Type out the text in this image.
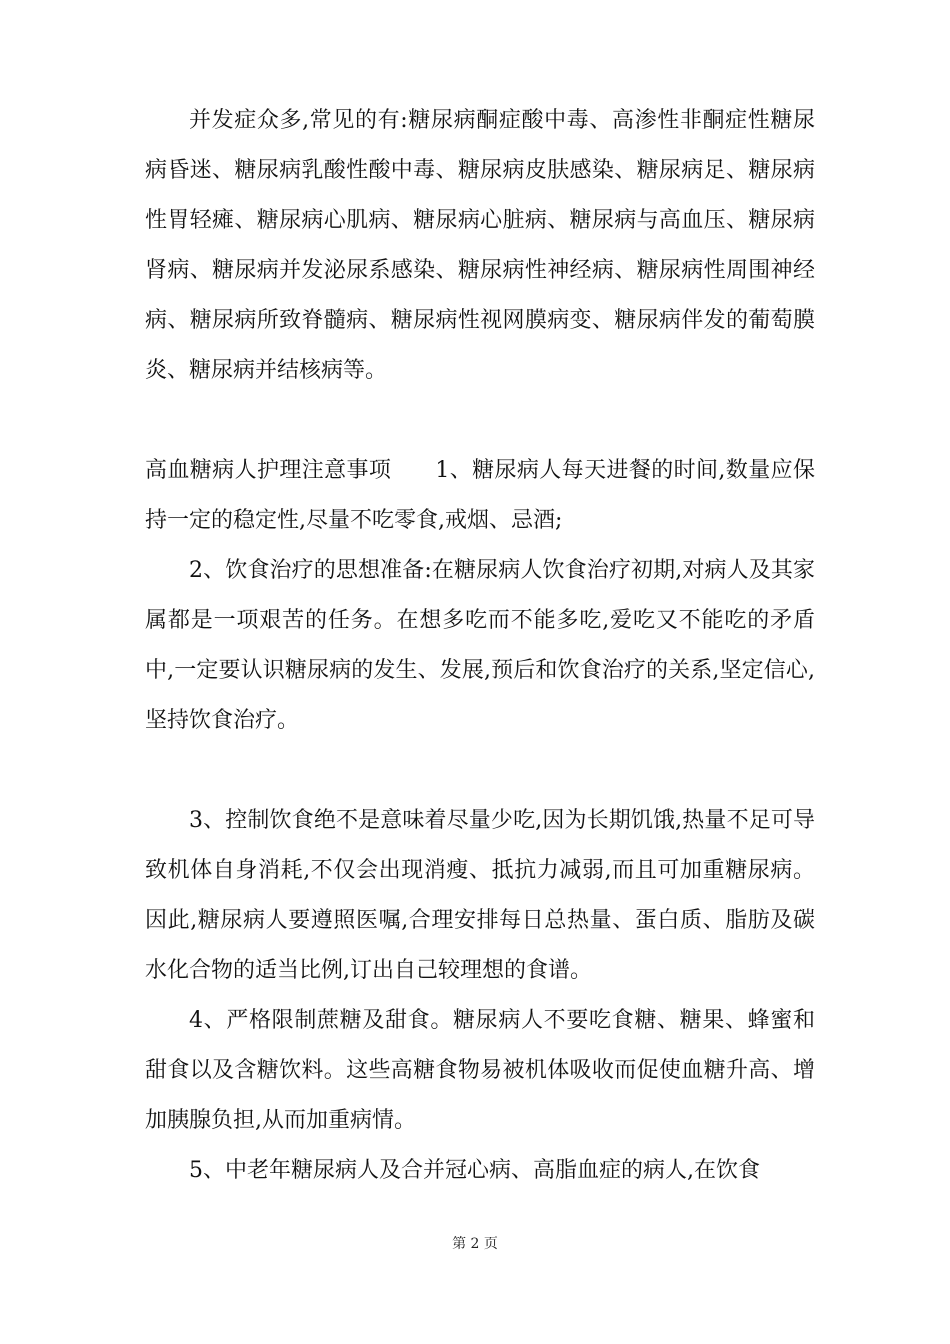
并发症众多,常见的有:糖尿病酮症酸中毒、高渗性非酮症性糖尿病昏迷、糖尿病乳酸性酸中毒、糖尿病皮肤感染、糖尿病足、糖尿病性胃轻瘫、糖尿病心肌病、糖尿病心脏病、糖尿病与高血压、糖尿病肾病、糖尿病并发泌尿系感染、糖尿病性神经病、糖尿病性周围神经病、糖尿病所致脊髓病、糖尿病性视网膜病变、糖尿病伴发的葡萄膜炎、糖尿病并结核病等。

高血糖病人护理注意事项 1、糖尿病人每天进餐的时间,数量应保持一定的稳定性,尽量不吃零食,戒烟、忌酒;

2、饮食治疗的思想准备:在糖尿病人饮食治疗初期,对病人及其家属都是一项艰苦的任务。在想多吃而不能多吃,爱吃又不能吃的矛盾中,一定要认识糖尿病的发生、发展,预后和饮食治疗的关系,坚定信心,坚持饮食治疗。

3、控制饮食绝不是意味着尽量少吃,因为长期饥饿,热量不足可导致机体自身消耗,不仅会出现消瘦、抵抗力减弱,而且可加重糖尿病。因此,糖尿病人要遵照医嘱,合理安排每日总热量、蛋白质、脂肪及碳水化合物的适当比例,订出自己较理想的食谱。

4、严格限制蔗糖及甜食。糖尿病人不要吃食糖、糖果、蜂蜜和甜食以及含糖饮料。这些高糖食物易被机体吸收而促使血糖升高、增加胰腺负担,从而加重病情。

5、中老年糖尿病人及合并冠心病、高脂血症的病人,在饮食

第 2 页
